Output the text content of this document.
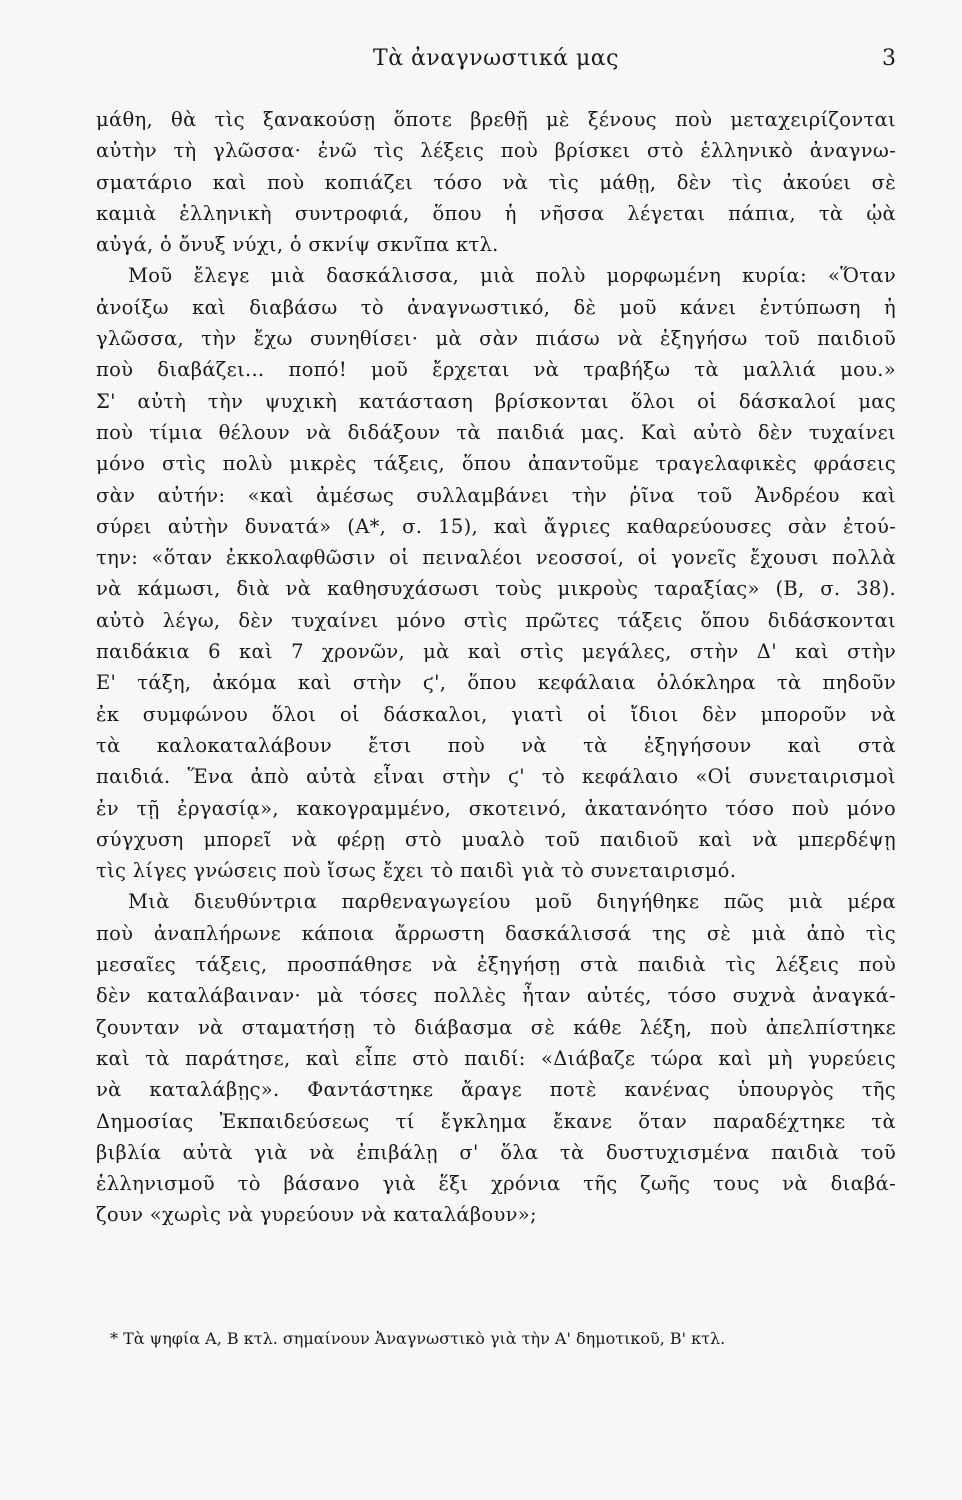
Τὰ ἀναγνωστικά μας	3
μάθη, θὰ τὶς ξανακούσῃ ὅποτε βρεθῇ μὲ ξένους ποὺ μεταχειρίζονται
αὐτὴν τὴ γλῶσσα· ἐνῶ τὶς λέξεις ποὺ βρίσκει στὸ ἑλληνικὸ ἀναγνω-
σματάριο καὶ ποὺ κοπιάζει τόσο νὰ τὶς μάθῃ, δὲν τὶς ἀκούει σὲ
καμιὰ ἑλληνικὴ συντροφιά, ὅπου ἡ νῆσσα λέγεται πάπια, τὰ ᾠὰ
αὐγά, ὁ ὄνυξ νύχι, ὁ σκνίψ σκνῖπα κτλ.
Μοῦ ἔλεγε μιὰ δασκάλισσα, μιὰ πολὺ μορφωμένη κυρία: «Ὅταν
ἀνοίξω καὶ διαβάσω τὸ ἀναγνωστικό, δὲ μοῦ κάνει ἐντύπωση ἡ
γλῶσσα, τὴν ἔχω συνηθίσει· μὰ σὰν πιάσω νὰ ἐξηγήσω τοῦ παιδιοῦ
ποὺ διαβάζει... ποπό! μοῦ ἔρχεται νὰ τραβήξω τὰ μαλλιά μου.»
Σ' αὐτὴ τὴν ψυχικὴ κατάσταση βρίσκονται ὅλοι οἱ δάσκαλοί μας
ποὺ τίμια θέλουν νὰ διδάξουν τὰ παιδιά μας. Καὶ αὐτὸ δὲν τυχαίνει
μόνο στὶς πολὺ μικρὲς τάξεις, ὅπου ἀπαντοῦμε τραγελαφικὲς φράσεις
σὰν αὐτήν: «καὶ ἀμέσως συλλαμβάνει τὴν ῥῖνα τοῦ Ἀνδρέου καὶ
σύρει αὐτὴν δυνατά» (Α*, σ. 15), καὶ ἄγριες καθαρεύουσες σὰν ἐτού-
την: «ὅταν ἐκκολαφθῶσιν οἱ πειναλέοι νεοσσοί, οἱ γονεῖς ἔχουσι πολλὰ
νὰ κάμωσι, διὰ νὰ καθησυχάσωσι τοὺς μικροὺς ταραξίας» (Β, σ. 38).
αὐτὸ λέγω, δὲν τυχαίνει μόνο στὶς πρῶτες τάξεις ὅπου διδάσκονται
παιδάκια 6 καὶ 7 χρονῶν, μὰ καὶ στὶς μεγάλες, στὴν Δ' καὶ στὴν
Ε' τάξη, ἀκόμα καὶ στὴν ϛ', ὅπου κεφάλαια ὁλόκληρα τὰ πηδοῦν
ἐκ συμφώνου ὅλοι οἱ δάσκαλοι, γιατὶ οἱ ἴδιοι δὲν μποροῦν νὰ
τὰ καλοκαταλάβουν ἔτσι ποὺ νὰ τὰ ἐξηγήσουν καὶ στὰ
παιδιά. Ἕνα ἀπὸ αὐτὰ εἶναι στὴν ϛ' τὸ κεφάλαιο «Οἱ συνεταιρισμοὶ
ἐν τῇ ἐργασίᾳ», κακογραμμένο, σκοτεινό, ἀκατανόητο τόσο ποὺ μόνο
σύγχυση μπορεῖ νὰ φέρῃ στὸ μυαλὸ τοῦ παιδιοῦ καὶ νὰ μπερδέψῃ
τὶς λίγες γνώσεις ποὺ ἴσως ἔχει τὸ παιδὶ γιὰ τὸ συνεταιρισμό.
Μιὰ διευθύντρια παρθεναγωγείου μοῦ διηγήθηκε πῶς μιὰ μέρα
ποὺ ἀναπλήρωνε κάποια ἄρρωστη δασκάλισσά της σὲ μιὰ ἀπὸ τὶς
μεσαῖες τάξεις, προσπάθησε νὰ ἐξηγήσῃ στὰ παιδιὰ τὶς λέξεις ποὺ
δὲν καταλάβαιναν· μὰ τόσες πολλὲς ἦταν αὐτές, τόσο συχνὰ ἀναγκά-
ζουνταν νὰ σταματήσῃ τὸ διάβασμα σὲ κάθε λέξη, ποὺ ἀπελπίστηκε
καὶ τὰ παράτησε, καὶ εἶπε στὸ παιδί: «Διάβαζε τώρα καὶ μὴ γυρεύεις
νὰ καταλάβῃς». Φαντάστηκε ἄραγε ποτὲ κανένας ὑπουργὸς τῆς
Δημοσίας Ἐκπαιδεύσεως τί ἔγκλημα ἔκανε ὅταν παραδέχτηκε τὰ
βιβλία αὐτὰ γιὰ νὰ ἐπιβάλῃ σ' ὅλα τὰ δυστυχισμένα παιδιὰ τοῦ
ἑλληνισμοῦ τὸ βάσανο γιὰ ἕξι χρόνια τῆς ζωῆς τους νὰ διαβά-
ζουν «χωρὶς νὰ γυρεύουν νὰ καταλάβουν»;
* Τὰ ψηφία Α, Β κτλ. σημαίνουν Ἀναγνωστικὸ γιὰ τὴν Α' δημοτικοῦ, Β' κτλ.
